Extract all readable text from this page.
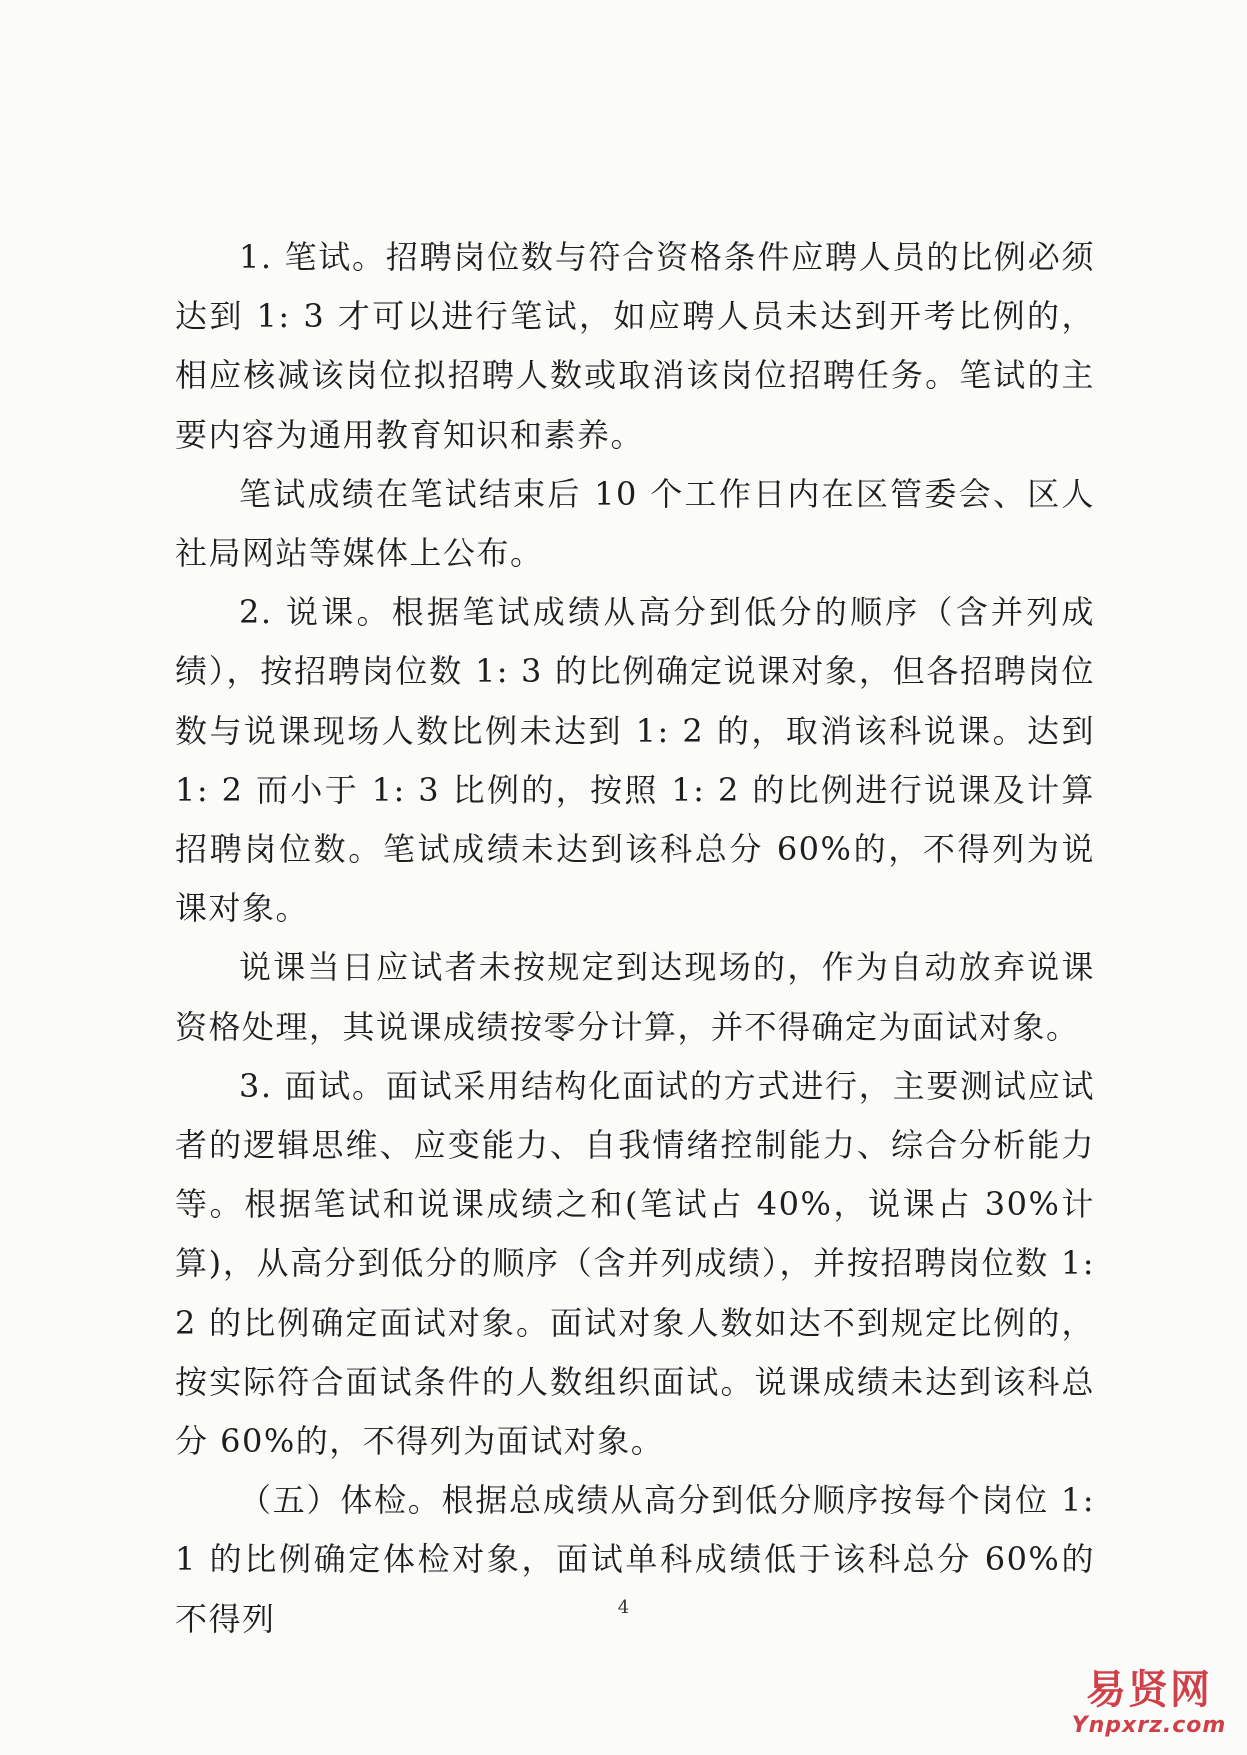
1. 笔试。招聘岗位数与符合资格条件应聘人员的比例必须达到 1: 3 才可以进行笔试，如应聘人员未达到开考比例的，相应核减该岗位拟招聘人数或取消该岗位招聘任务。笔试的主要内容为通用教育知识和素养。

笔试成绩在笔试结束后 10 个工作日内在区管委会、区人社局网站等媒体上公布。

2. 说课。根据笔试成绩从高分到低分的顺序（含并列成绩），按招聘岗位数 1: 3 的比例确定说课对象，但各招聘岗位数与说课现场人数比例未达到 1: 2 的，取消该科说课。达到 1: 2 而小于 1: 3 比例的，按照 1: 2 的比例进行说课及计算招聘岗位数。笔试成绩未达到该科总分 60%的，不得列为说课对象。

说课当日应试者未按规定到达现场的，作为自动放弃说课资格处理，其说课成绩按零分计算，并不得确定为面试对象。

3. 面试。面试采用结构化面试的方式进行，主要测试应试者的逻辑思维、应变能力、自我情绪控制能力、综合分析能力等。根据笔试和说课成绩之和(笔试占 40%，说课占 30%计算)，从高分到低分的顺序（含并列成绩），并按招聘岗位数 1: 2 的比例确定面试对象。面试对象人数如达不到规定比例的，按实际符合面试条件的人数组织面试。说课成绩未达到该科总分 60%的，不得列为面试对象。

（五）体检。根据总成绩从高分到低分顺序按每个岗位 1: 1 的比例确定体检对象，面试单科成绩低于该科总分 60%的不得列	4
易贤网
Ynpxrz.com
